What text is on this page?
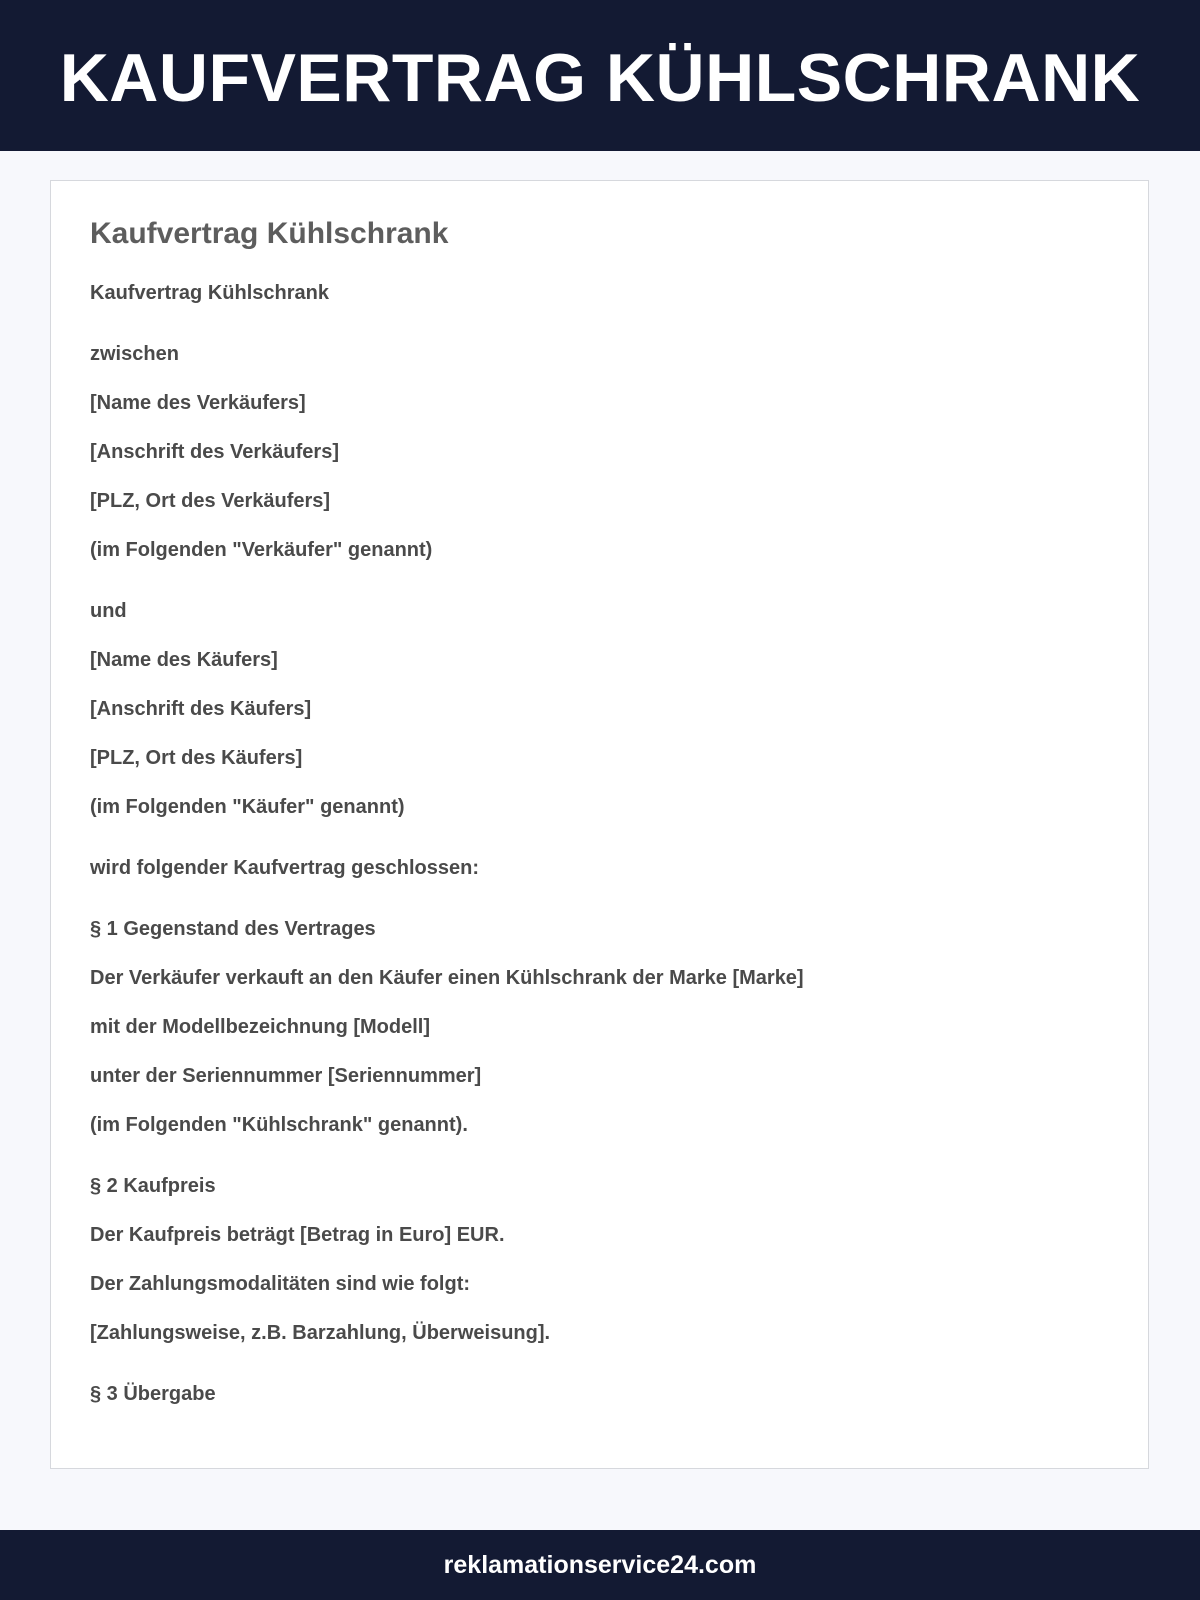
KAUFVERTRAG KÜHLSCHRANK
Kaufvertrag Kühlschrank

Kaufvertrag Kühlschrank

zwischen

[Name des Verkäufers]

[Anschrift des Verkäufers]

[PLZ, Ort des Verkäufers]

(im Folgenden "Verkäufer" genannt)

und

[Name des Käufers]

[Anschrift des Käufers]

[PLZ, Ort des Käufers]

(im Folgenden "Käufer" genannt)

wird folgender Kaufvertrag geschlossen:

§ 1 Gegenstand des Vertrages

Der Verkäufer verkauft an den Käufer einen Kühlschrank der Marke [Marke]

mit der Modellbezeichnung [Modell]

unter der Seriennummer [Seriennummer]

(im Folgenden "Kühlschrank" genannt).

§ 2 Kaufpreis

Der Kaufpreis beträgt [Betrag in Euro] EUR.

Der Zahlungsmodalitäten sind wie folgt:

[Zahlungsweise, z.B. Barzahlung, Überweisung].

§ 3 Übergabe

reklamationservice24.com
